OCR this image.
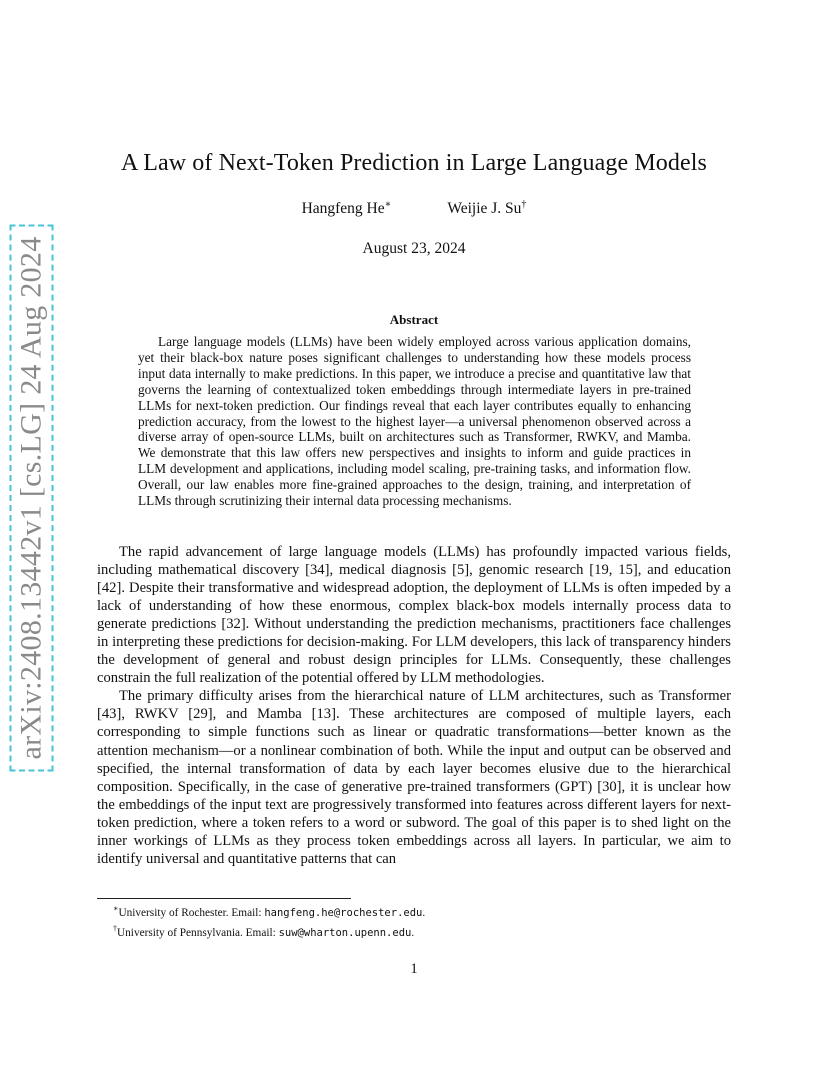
arXiv:2408.13442v1 [cs.LG] 24 Aug 2024
A Law of Next-Token Prediction in Large Language Models
Hangfeng He∗	Weijie J. Su†
August 23, 2024
Abstract

Large language models (LLMs) have been widely employed across various application domains, yet their black-box nature poses significant challenges to understanding how these models process input data internally to make predictions. In this paper, we introduce a precise and quantitative law that governs the learning of contextualized token embeddings through intermediate layers in pre-trained LLMs for next-token prediction. Our findings reveal that each layer contributes equally to enhancing prediction accuracy, from the lowest to the highest layer—a universal phenomenon observed across a diverse array of open-source LLMs, built on architectures such as Transformer, RWKV, and Mamba. We demonstrate that this law offers new perspectives and insights to inform and guide practices in LLM development and applications, including model scaling, pre-training tasks, and information flow. Overall, our law enables more fine-grained approaches to the design, training, and interpretation of LLMs through scrutinizing their internal data processing mechanisms.

The rapid advancement of large language models (LLMs) has profoundly impacted various fields, including mathematical discovery [34], medical diagnosis [5], genomic research [19, 15], and education [42]. Despite their transformative and widespread adoption, the deployment of LLMs is often impeded by a lack of understanding of how these enormous, complex black-box models internally process data to generate predictions [32]. Without understanding the prediction mechanisms, practitioners face challenges in interpreting these predictions for decision-making. For LLM developers, this lack of transparency hinders the development of general and robust design principles for LLMs. Consequently, these challenges constrain the full realization of the potential offered by LLM methodologies.

The primary difficulty arises from the hierarchical nature of LLM architectures, such as Transformer [43], RWKV [29], and Mamba [13]. These architectures are composed of multiple layers, each corresponding to simple functions such as linear or quadratic transformations—better known as the attention mechanism—or a nonlinear combination of both. While the input and output can be observed and specified, the internal transformation of data by each layer becomes elusive due to the hierarchical composition. Specifically, in the case of generative pre-trained transformers (GPT) [30], it is unclear how the embeddings of the input text are progressively transformed into features across different layers for next-token prediction, where a token refers to a word or subword. The goal of this paper is to shed light on the inner workings of LLMs as they process token embeddings across all layers. In particular, we aim to identify universal and quantitative patterns that can

∗University of Rochester. Email: hangfeng.he@rochester.edu.
†University of Pennsylvania. Email: suw@wharton.upenn.edu.
1
